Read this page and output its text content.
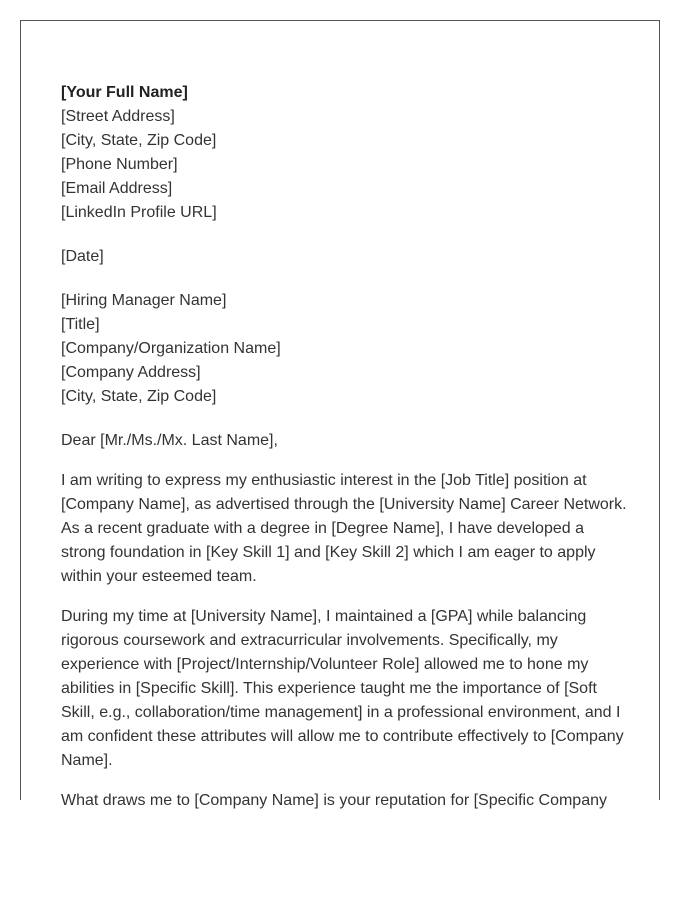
[Your Full Name]
[Street Address]
[City, State, Zip Code]
[Phone Number]
[Email Address]
[LinkedIn Profile URL]
[Date]
[Hiring Manager Name]
[Title]
[Company/Organization Name]
[Company Address]
[City, State, Zip Code]
Dear [Mr./Ms./Mx. Last Name],

I am writing to express my enthusiastic interest in the [Job Title] position at [Company Name], as advertised through the [University Name] Career Network. As a recent graduate with a degree in [Degree Name], I have developed a strong foundation in [Key Skill 1] and [Key Skill 2] which I am eager to apply within your esteemed team.

During my time at [University Name], I maintained a [GPA] while balancing rigorous coursework and extracurricular involvements. Specifically, my experience with [Project/Internship/Volunteer Role] allowed me to hone my abilities in [Specific Skill]. This experience taught me the importance of [Soft Skill, e.g., collaboration/time management] in a professional environment, and I am confident these attributes will allow me to contribute effectively to [Company Name].

What draws me to [Company Name] is your reputation for [Specific Company
